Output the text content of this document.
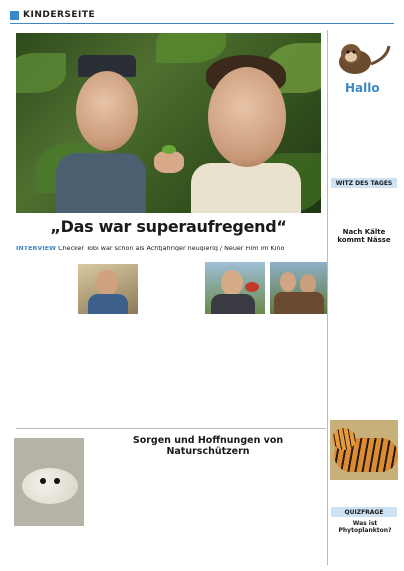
KINDERSEITE
Hallo
WITZ DES TAGES
„Das war superaufregend“
INTERVIEW Checker Tobi war schon als Achtjähriger neugierig / Neuer Film im Kino
Nach Kälte kommt Nässe
Sorgen und Hoffnungen von Naturschützern
QUIZFRAGE
Was ist Phytoplankton?
